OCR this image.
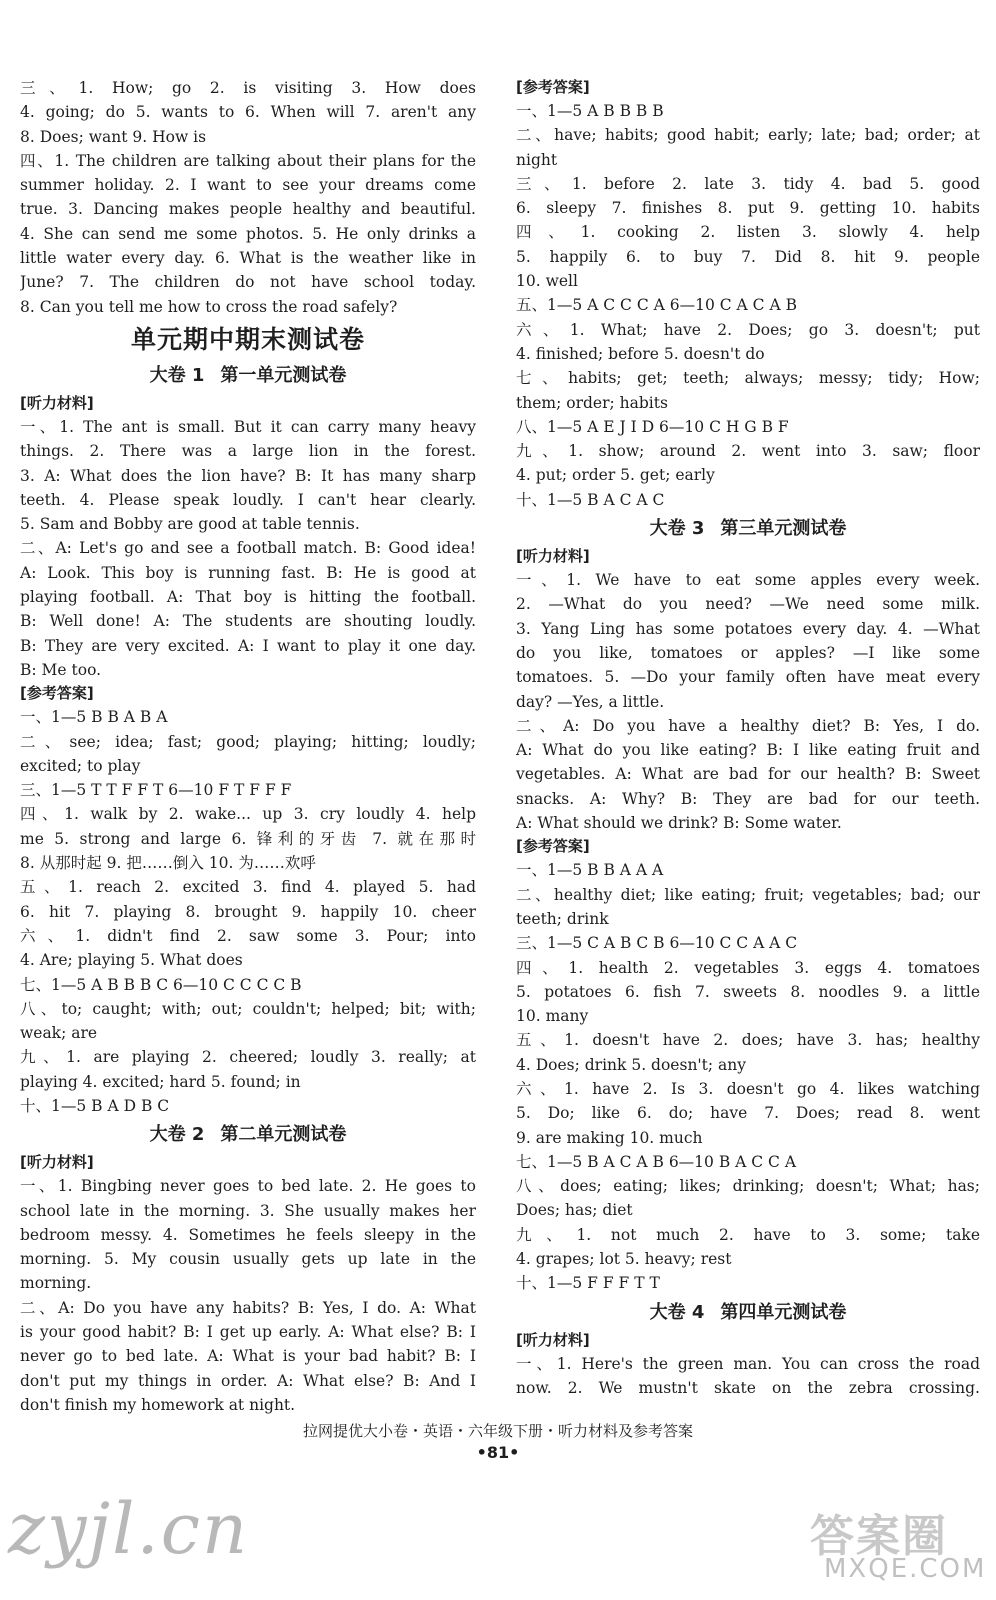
三、1. How; go 2. is visiting 3. How does
4. going; do 5. wants to 6. When will 7. aren't any
8. Does; want 9. How is
四、1. The children are talking about their plans for the
summer holiday. 2. I want to see your dreams come
true. 3. Dancing makes people healthy and beautiful.
4. She can send me some photos. 5. He only drinks a
little water every day. 6. What is the weather like in
June? 7. The children do not have school today.
8. Can you tell me how to cross the road safely?
单元期中期末测试卷
大卷 1 第一单元测试卷
[听力材料]
一、1. The ant is small. But it can carry many heavy
things. 2. There was a large lion in the forest.
3. A: What does the lion have? B: It has many sharp
teeth. 4. Please speak loudly. I can't hear clearly.
5. Sam and Bobby are good at table tennis.
二、A: Let's go and see a football match. B: Good idea!
A: Look. This boy is running fast. B: He is good at
playing football. A: That boy is hitting the football.
B: Well done! A: The students are shouting loudly.
B: They are very excited. A: I want to play it one day.
B: Me too.
[参考答案]
一、1—5 B B A B A
二、see; idea; fast; good; playing; hitting; loudly;
excited; to play
三、1—5 T T F F T 6—10 F T F F F
四、1. walk by 2. wake... up 3. cry loudly 4. help
me 5. strong and large 6. 锋利的牙齿 7. 就在那时
8. 从那时起 9. 把……倒入 10. 为……欢呼
五、1. reach 2. excited 3. find 4. played 5. had
6. hit 7. playing 8. brought 9. happily 10. cheer
六、1. didn't find 2. saw some 3. Pour; into
4. Are; playing 5. What does
七、1—5 A B B B C 6—10 C C C C B
八、to; caught; with; out; couldn't; helped; bit; with;
weak; are
九、1. are playing 2. cheered; loudly 3. really; at
playing 4. excited; hard 5. found; in
十、1—5 B A D B C
大卷 2 第二单元测试卷
[听力材料]
一、1. Bingbing never goes to bed late. 2. He goes to
school late in the morning. 3. She usually makes her
bedroom messy. 4. Sometimes he feels sleepy in the
morning. 5. My cousin usually gets up late in the
morning.
二、A: Do you have any habits? B: Yes, I do. A: What
is your good habit? B: I get up early. A: What else? B: I
never go to bed late. A: What is your bad habit? B: I
don't put my things in order. A: What else? B: And I
don't finish my homework at night.
[参考答案]
一、1—5 A B B B B
二、have; habits; good habit; early; late; bad; order; at
night
三、1. before 2. late 3. tidy 4. bad 5. good
6. sleepy 7. finishes 8. put 9. getting 10. habits
四、1. cooking 2. listen 3. slowly 4. help
5. happily 6. to buy 7. Did 8. hit 9. people
10. well
五、1—5 A C C C A 6—10 C A C A B
六、1. What; have 2. Does; go 3. doesn't; put
4. finished; before 5. doesn't do
七、habits; get; teeth; always; messy; tidy; How;
them; order; habits
八、1—5 A E J I D 6—10 C H G B F
九、1. show; around 2. went into 3. saw; floor
4. put; order 5. get; early
十、1—5 B A C A C
大卷 3 第三单元测试卷
[听力材料]
一、1. We have to eat some apples every week.
2. —What do you need? —We need some milk.
3. Yang Ling has some potatoes every day. 4. —What
do you like, tomatoes or apples? —I like some
tomatoes. 5. —Do your family often have meat every
day? —Yes, a little.
二、A: Do you have a healthy diet? B: Yes, I do.
A: What do you like eating? B: I like eating fruit and
vegetables. A: What are bad for our health? B: Sweet
snacks. A: Why? B: They are bad for our teeth.
A: What should we drink? B: Some water.
[参考答案]
一、1—5 B B A A A
二、healthy diet; like eating; fruit; vegetables; bad; our
teeth; drink
三、1—5 C A B C B 6—10 C C A A C
四、1. health 2. vegetables 3. eggs 4. tomatoes
5. potatoes 6. fish 7. sweets 8. noodles 9. a little
10. many
五、1. doesn't have 2. does; have 3. has; healthy
4. Does; drink 5. doesn't; any
六、1. have 2. Is 3. doesn't go 4. likes watching
5. Do; like 6. do; have 7. Does; read 8. went
9. are making 10. much
七、1—5 B A C A B 6—10 B A C C A
八、does; eating; likes; drinking; doesn't; What; has;
Does; has; diet
九、1. not much 2. have to 3. some; take
4. grapes; lot 5. heavy; rest
十、1—5 F F F T T
大卷 4 第四单元测试卷
[听力材料]
一、1. Here's the green man. You can cross the road
now. 2. We mustn't skate on the zebra crossing.
拉网提优大小卷・英语・六年级下册・听力材料及参考答案
•81•
zyjl.cn	答案圈
MXQE.COM
